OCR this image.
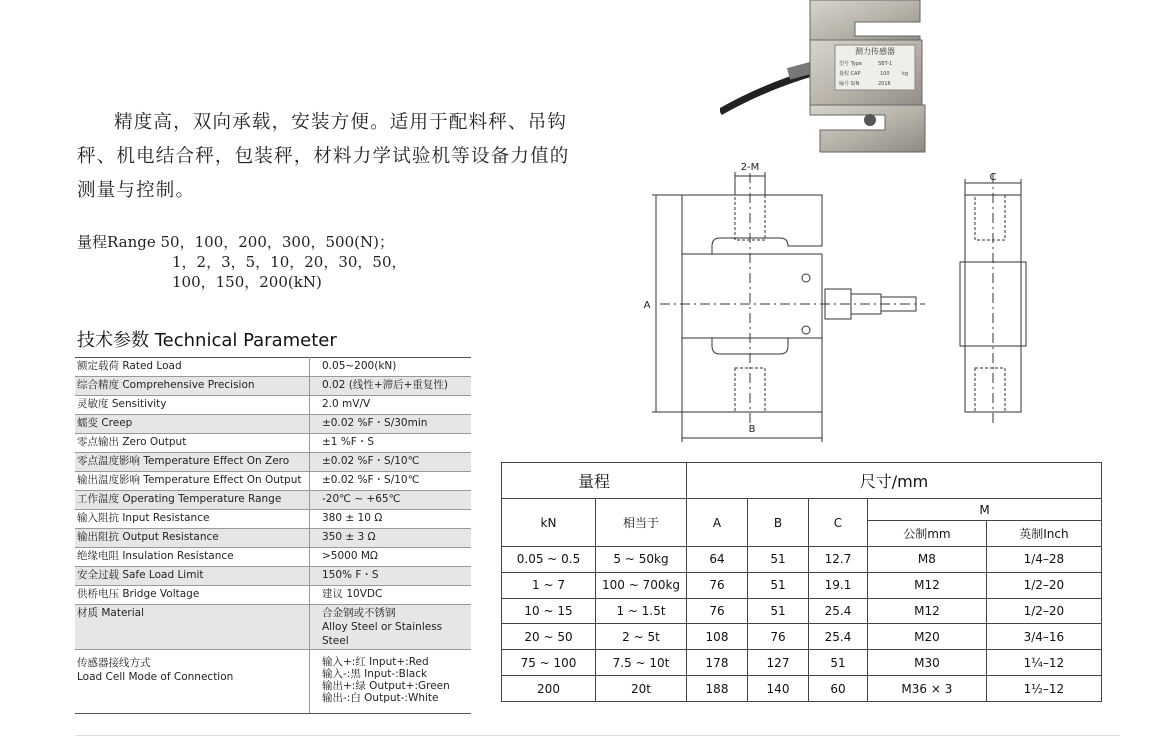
精度高，双向承载，安装方便。适用于配料秤、吊钩秤、机电结合秤，包装秤，材料力学试验机等设备力值的测量与控制。

量程Range 50，100，200，300，500(N)；
1，2，3，5，10，20，30，50，
100，150，200(kN)
技术参数 Technical Parameter
额定载荷 Rated Load	0.05~200(kN)
综合精度 Comprehensive Precision	0.02 (线性+滞后+重复性)
灵敏度 Sensitivity	2.0 mV/V
蠕变 Creep	±0.02 %F・S/30min
零点输出 Zero Output	±1 %F・S
零点温度影响 Temperature Effect On Zero	±0.02 %F・S/10℃
输出温度影响 Temperature Effect On Output	±0.02 %F・S/10℃
工作温度 Operating Temperature Range	-20℃ ~ +65℃
输入阻抗 Input Resistance	380 ± 10 Ω
输出阻抗 Output Resistance	350 ± 3 Ω
绝缘电阻 Insulation Resistance	>5000 MΩ
安全过载 Safe Load Limit	150% F・S
供桥电压 Bridge Voltage	建议 10VDC
材质 Material	合金钢或不锈钢
Alloy Steel or Stainless Steel

传感器接线方式
Load Cell Mode of Connection	输入+:红 Input+:Red
输入-:黑 Input-:Black
输出+:绿 Output+:Green
输出-:白 Output-:White
测力传感器
型号 Type	SBT-1
量程 CAP	100 kg
编号 S/N	2016
2-M
A
B
C
量程		尺寸/mm				
kN	相当于	A	B	C	M	
					公制mm	英制Inch
0.05 ~ 0.5	5 ~ 50kg	64	51	12.7	M8	1/4–28
1 ~ 7	100 ~ 700kg	76	51	19.1	M12	1/2–20
10 ~ 15	1 ~ 1.5t	76	51	25.4	M12	1/2–20
20 ~ 50	2 ~ 5t	108	76	25.4	M20	3/4–16
75 ~ 100	7.5 ~ 10t	178	127	51	M30	1¼–12
200	20t	188	140	60	M36 × 3	1½–12
